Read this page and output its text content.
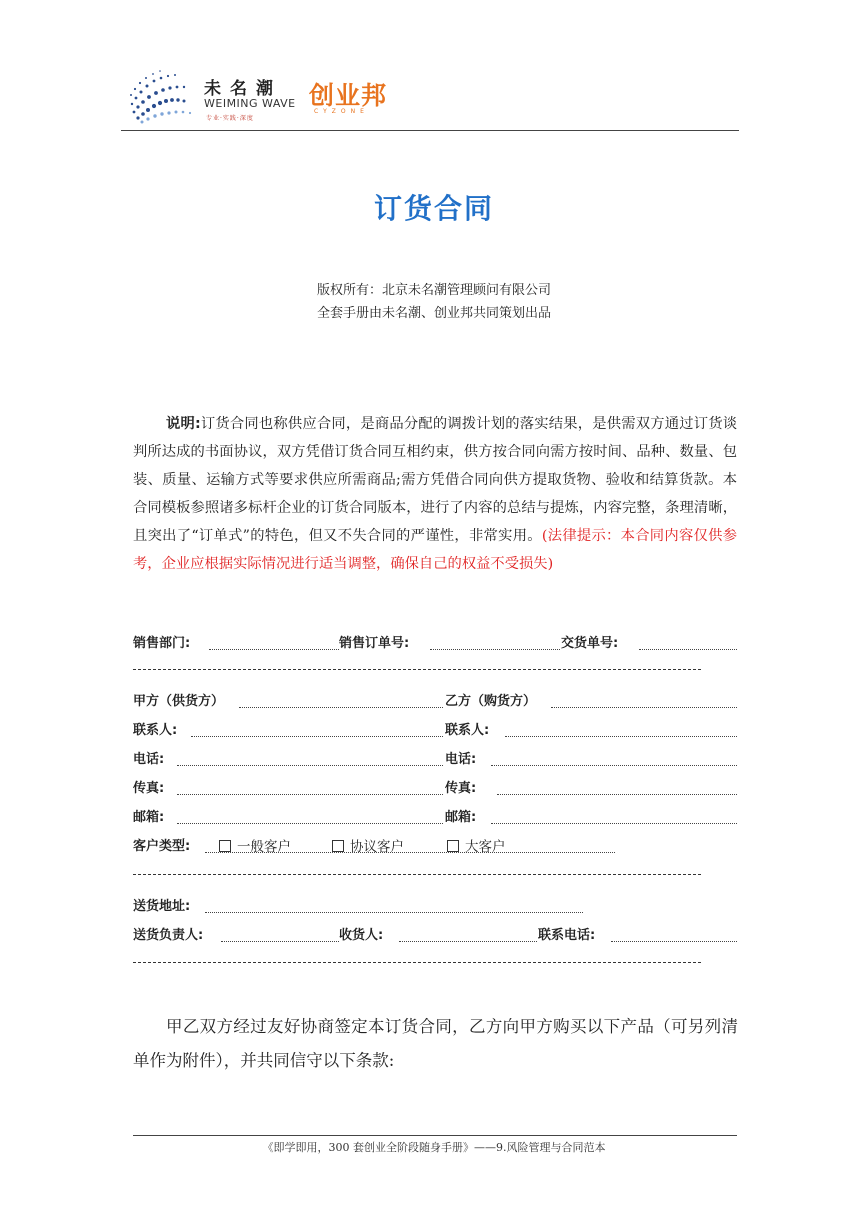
未名潮
WEIMING WAVE
专业·实践·深度
创业邦
CYZONE
订货合同
版权所有：北京未名潮管理顾问有限公司
全套手册由未名潮、创业邦共同策划出品
说明:订货合同也称供应合同，是商品分配的调拨计划的落实结果，是供需双方通过订货谈判所达成的书面协议，双方凭借订货合同互相约束，供方按合同向需方按时间、品种、数量、包装、质量、运输方式等要求供应所需商品;需方凭借合同向供方提取货物、验收和结算货款。本合同模板参照诸多标杆企业的订货合同版本，进行了内容的总结与提炼，内容完整，条理清晰，且突出了“订单式”的特色，但又不失合同的严谨性，非常实用。(法律提示：本合同内容仅供参考，企业应根据实际情况进行适当调整，确保自己的权益不受损失)
销售部门:	销售订单号:	交货单号:
甲方（供货方）	乙方（购货方）
联系人:	联系人:
电话:	电话:
传真:	传真:
邮箱:	邮箱:
客户类型:	一般客户	协议客户	大客户
送货地址:
送货负责人:	收货人:	联系电话:
甲乙双方经过友好协商签定本订货合同，乙方向甲方购买以下产品（可另列清单作为附件），并共同信守以下条款:
《即学即用，300 套创业全阶段随身手册》——9.风险管理与合同范本
